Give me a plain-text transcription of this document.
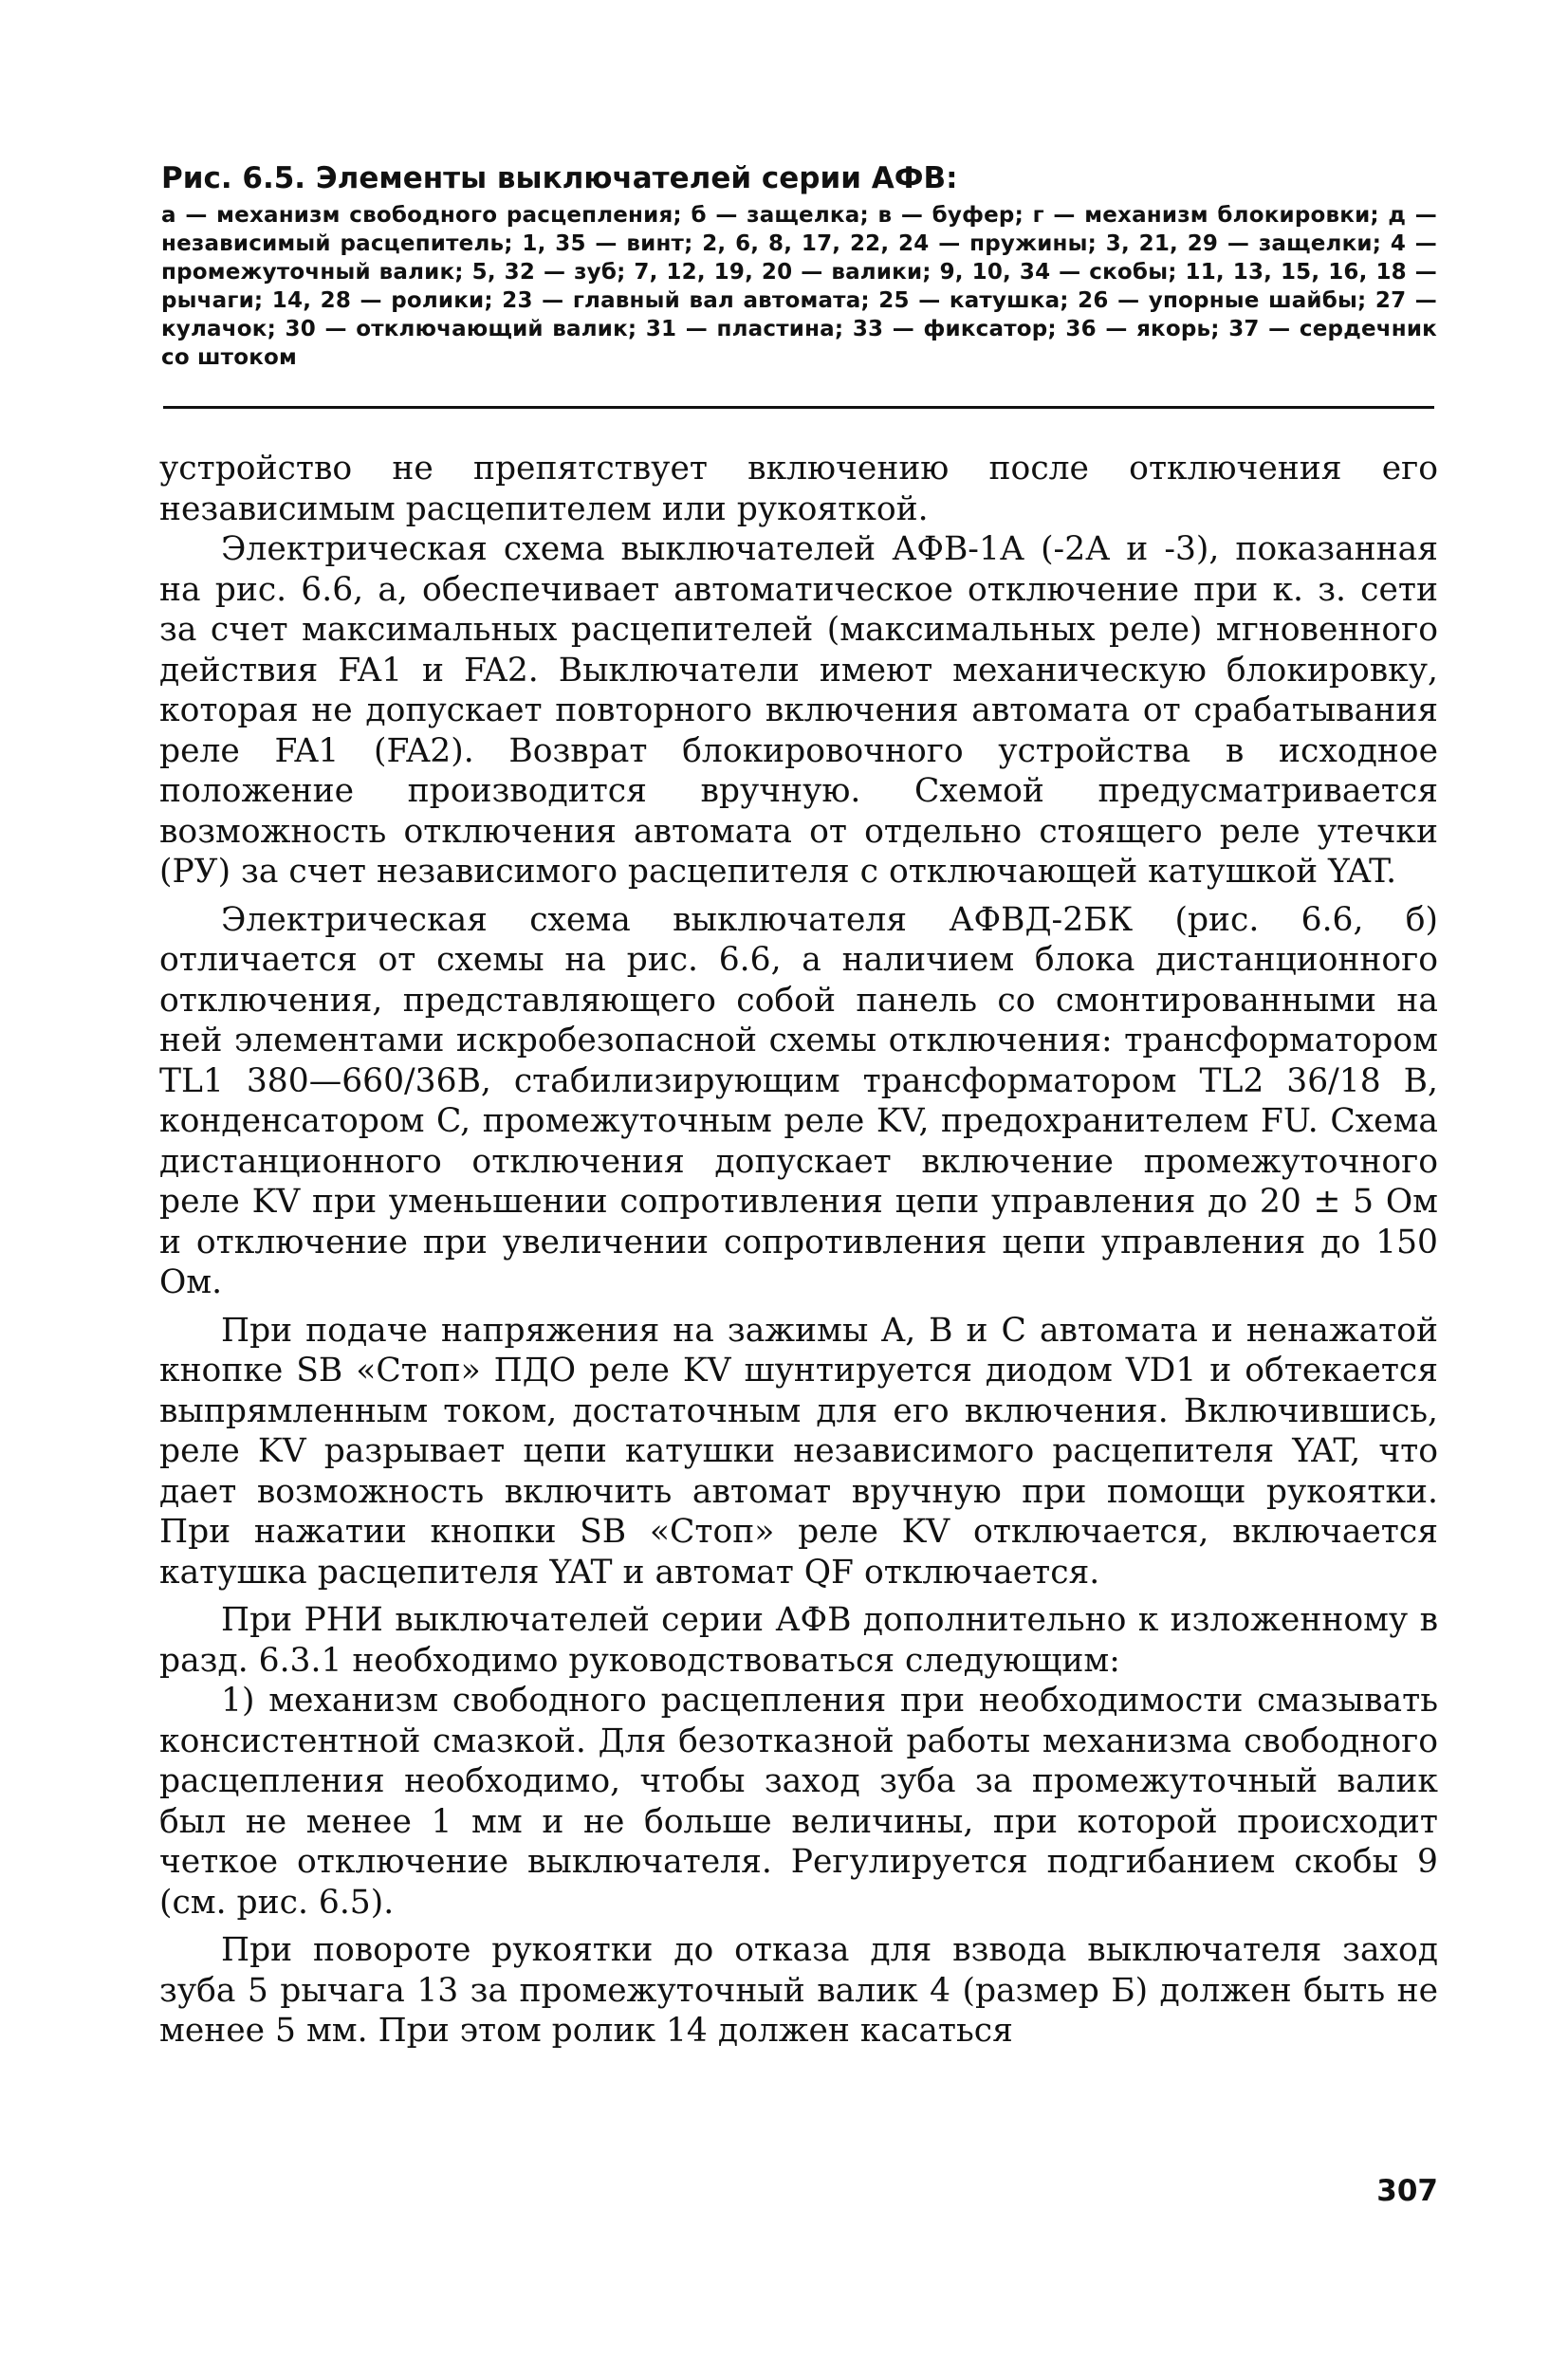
Рис. 6.5. Элементы выключателей серии АФВ:

а — механизм свободного расцепления; б — защелка; в — буфер; г — механизм блокировки; д — независимый расцепитель; 1, 35 — винт; 2, 6, 8, 17, 22, 24 — пружины; 3, 21, 29 — защелки; 4 — промежуточный валик; 5, 32 — зуб; 7, 12, 19, 20 — валики; 9, 10, 34 — скобы; 11, 13, 15, 16, 18 — рычаги; 14, 28 — ролики; 23 — главный вал автомата; 25 — катушка; 26 — упорные шайбы; 27 — кулачок; 30 — отключающий валик; 31 — пластина; 33 — фиксатор; 36 — якорь; 37 — сердечник со штоком

устройство не препятствует включению после отключения его независимым расцепителем или рукояткой.

Электрическая схема выключателей АФВ-1А (-2А и -3), показанная на рис. 6.6, а, обеспечивает автоматическое отключение при к. з. сети за счет максимальных расцепителей (максимальных реле) мгновенного действия FA1 и FA2. Выключатели имеют механическую блокировку, которая не допускает повторного включения автомата от срабатывания реле FA1 (FA2). Возврат блокировочного устройства в исходное положение производится вручную. Схемой предусматривается возможность отключения автомата от отдельно стоящего реле утечки (РУ) за счет независимого расцепителя с отключающей катушкой YAT.

Электрическая схема выключателя АФВД-2БК (рис. 6.6, б) отличается от схемы на рис. 6.6, а наличием блока дистанционного отключения, представляющего собой панель со смонтированными на ней элементами искробезопасной схемы отключения: трансформатором TL1 380—660/36В, стабилизирующим трансформатором TL2 36/18 В, конденсатором C, промежуточным реле KV, предохранителем FU. Схема дистанционного отключения допускает включение промежуточного реле KV при уменьшении сопротивления цепи управления до 20 ± 5 Ом и отключение при увеличении сопротивления цепи управления до 150 Ом.

При подаче напряжения на зажимы A, B и C автомата и ненажатой кнопке SB «Стоп» ПДО реле KV шунтируется диодом VD1 и обтекается выпрямленным током, достаточным для его включения. Включившись, реле KV разрывает цепи катушки независимого расцепителя YAT, что дает возможность включить автомат вручную при помощи рукоятки. При нажатии кнопки SB «Стоп» реле KV отключается, включается катушка расцепителя YAT и автомат QF отключается.

При РНИ выключателей серии АФВ дополнительно к изложенному в разд. 6.3.1 необходимо руководствоваться следующим:

1) механизм свободного расцепления при необходимости смазывать консистентной смазкой. Для безотказной работы механизма свободного расцепления необходимо, чтобы заход зуба за промежуточный валик был не менее 1 мм и не больше величины, при которой происходит четкое отключение выключателя. Регулируется подгибанием скобы 9 (см. рис. 6.5).

При повороте рукоятки до отказа для взвода выключателя заход зуба 5 рычага 13 за промежуточный валик 4 (размер Б) должен быть не менее 5 мм. При этом ролик 14 должен касаться

307
